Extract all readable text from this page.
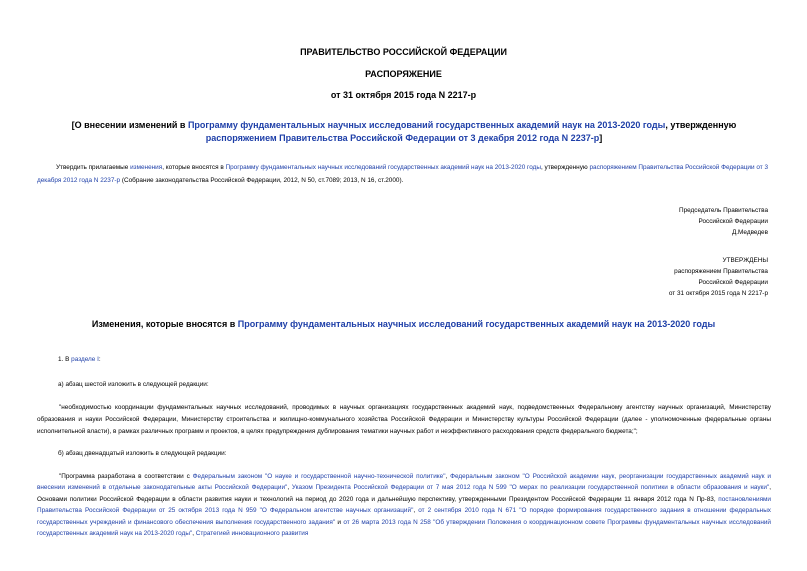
ПРАВИТЕЛЬСТВО РОССИЙСКОЙ ФЕДЕРАЦИИ
РАСПОРЯЖЕНИЕ
от 31 октября 2015 года N 2217-р
[О внесении изменений в Программу фундаментальных научных исследований государственных академий наук на 2013-2020 годы, утвержденную распоряжением Правительства Российской Федерации от 3 декабря 2012 года N 2237-р]
Утвердить прилагаемые изменения, которые вносятся в Программу фундаментальных научных исследований государственных академий наук на 2013-2020 годы, утвержденную распоряжением Правительства Российской Федерации от 3 декабря 2012 года N 2237-р (Собрание законодательства Российской Федерации, 2012, N 50, ст.7089; 2013, N 16, ст.2000).
Председатель Правительства
Российской Федерации
Д.Медведев
УТВЕРЖДЕНЫ
распоряжением Правительства
Российской Федерации
от 31 октября 2015 года N 2217-р
Изменения, которые вносятся в Программу фундаментальных научных исследований государственных академий наук на 2013-2020 годы
1. В разделе I:
а) абзац шестой изложить в следующей редакции:
"необходимостью координации фундаментальных научных исследований, проводимых в научных организациях государственных академий наук, подведомственных Федеральному агентству научных организаций, Министерству образования и науки Российской Федерации, Министерству строительства и жилищно-коммунального хозяйства Российской Федерации и Министерству культуры Российской Федерации (далее - уполномоченные федеральные органы исполнительной власти), в рамках различных программ и проектов, в целях предупреждения дублирования тематики научных работ и неэффективного расходования средств федерального бюджета;";
б) абзац двенадцатый изложить в следующей редакции:
"Программа разработана в соответствии с Федеральным законом "О науке и государственной научно-технической политике", Федеральным законом "О Российской академии наук, реорганизации государственных академий наук и внесении изменений в отдельные законодательные акты Российской Федерации", Указом Президента Российской Федерации от 7 мая 2012 года N 599 "О мерах по реализации государственной политики в области образования и науки", Основами политики Российской Федерации в области развития науки и технологий на период до 2020 года и дальнейшую перспективу, утвержденными Президентом Российской Федерации 11 января 2012 года N Пр-83, постановлениями Правительства Российской Федерации от 25 октября 2013 года N 959 "О Федеральном агентстве научных организаций", от 2 сентября 2010 года N 671 "О порядке формирования государственного задания в отношении федеральных государственных учреждений и финансового обеспечения выполнения государственного задания" и от 26 марта 2013 года N 258 "Об утверждении Положения о координационном совете Программы фундаментальных научных исследований государственных академий наук на 2013-2020 годы", Стратегией инновационного развития
